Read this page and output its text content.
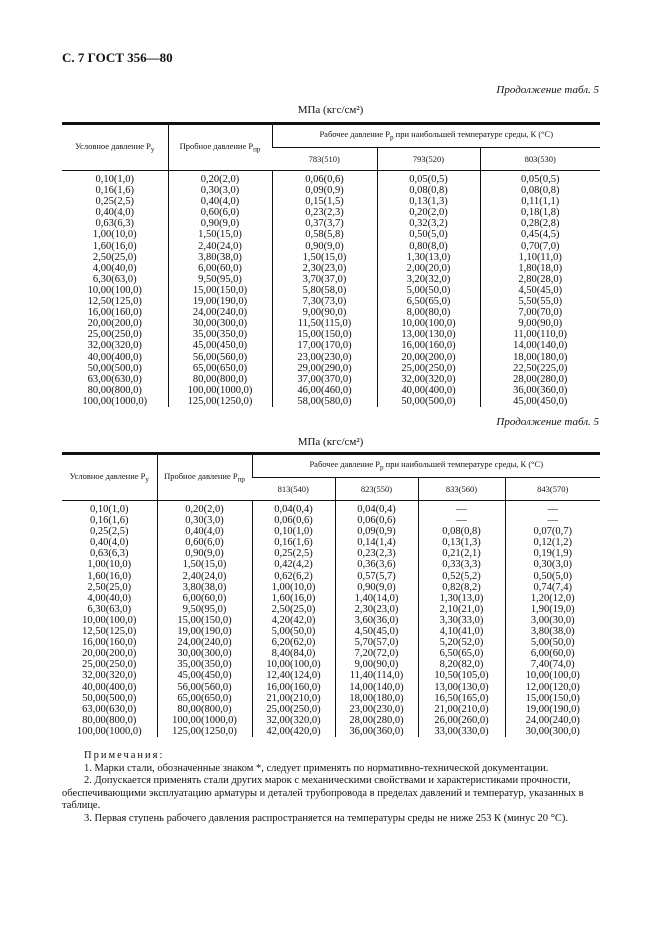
С. 7 ГОСТ 356—80
Продолжение табл. 5
МПа (кгс/см²)
Условное давление $P_у$	Пробное давление $P_{пр}$	Рабочее давление $P_р$ при наибольшей температуре среды, К (°С)		
		783(510)	793(520)	803(530)
0,10(1,0)	0,20(2,0)	0,06(0,6)	0,05(0,5)	0,05(0,5)
0,16(1,6)	0,30(3,0)	0,09(0,9)	0,08(0,8)	0,08(0,8)
0,25(2,5)	0,40(4,0)	0,15(1,5)	0,13(1,3)	0,11(1,1)
0,40(4,0)	0,60(6,0)	0,23(2,3)	0,20(2,0)	0,18(1,8)
0,63(6,3)	0,90(9,0)	0,37(3,7)	0,32(3,2)	0,28(2,8)
1,00(10,0)	1,50(15,0)	0,58(5,8)	0,50(5,0)	0,45(4,5)
1,60(16,0)	2,40(24,0)	0,90(9,0)	0,80(8,0)	0,70(7,0)
2,50(25,0)	3,80(38,0)	1,50(15,0)	1,30(13,0)	1,10(11,0)
4,00(40,0)	6,00(60,0)	2,30(23,0)	2,00(20,0)	1,80(18,0)
6,30(63,0)	9,50(95,0)	3,70(37,0)	3,20(32,0)	2,80(28,0)
10,00(100,0)	15,00(150,0)	5,80(58,0)	5,00(50,0)	4,50(45,0)
12,50(125,0)	19,00(190,0)	7,30(73,0)	6,50(65,0)	5,50(55,0)
16,00(160,0)	24,00(240,0)	9,00(90,0)	8,00(80,0)	7,00(70,0)
20,00(200,0)	30,00(300,0)	11,50(115,0)	10,00(100,0)	9,00(90,0)
25,00(250,0)	35,00(350,0)	15,00(150,0)	13,00(130,0)	11,00(110,0)
32,00(320,0)	45,00(450,0)	17,00(170,0)	16,00(160,0)	14,00(140,0)
40,00(400,0)	56,00(560,0)	23,00(230,0)	20,00(200,0)	18,00(180,0)
50,00(500,0)	65,00(650,0)	29,00(290,0)	25,00(250,0)	22,50(225,0)
63,00(630,0)	80,00(800,0)	37,00(370,0)	32,00(320,0)	28,00(280,0)
80,00(800,0)	100,00(1000,0)	46,00(460,0)	40,00(400,0)	36,00(360,0)
100,00(1000,0)	125,00(1250,0)	58,00(580,0)	50,00(500,0)	45,00(450,0)
Продолжение табл. 5
МПа (кгс/см²)
Условное давление $P_у$	Пробное давление $P_{пр}$	Рабочее давление $P_р$ при наибольшей температуре среды, К (°С)			
		813(540)	823(550)	833(560)	843(570)
0,10(1,0)	0,20(2,0)	0,04(0,4)	0,04(0,4)	—	—
0,16(1,6)	0,30(3,0)	0,06(0,6)	0,06(0,6)	—	—
0,25(2,5)	0,40(4,0)	0,10(1,0)	0,09(0,9)	0,08(0,8)	0,07(0,7)
0,40(4,0)	0,60(6,0)	0,16(1,6)	0,14(1,4)	0,13(1,3)	0,12(1,2)
0,63(6,3)	0,90(9,0)	0,25(2,5)	0,23(2,3)	0,21(2,1)	0,19(1,9)
1,00(10,0)	1,50(15,0)	0,42(4,2)	0,36(3,6)	0,33(3,3)	0,30(3,0)
1,60(16,0)	2,40(24,0)	0,62(6,2)	0,57(5,7)	0,52(5,2)	0,50(5,0)
2,50(25,0)	3,80(38,0)	1,00(10,0)	0,90(9,0)	0,82(8,2)	0,74(7,4)
4,00(40,0)	6,00(60,0)	1,60(16,0)	1,40(14,0)	1,30(13,0)	1,20(12,0)
6,30(63,0)	9,50(95,0)	2,50(25,0)	2,30(23,0)	2,10(21,0)	1,90(19,0)
10,00(100,0)	15,00(150,0)	4,20(42,0)	3,60(36,0)	3,30(33,0)	3,00(30,0)
12,50(125,0)	19,00(190,0)	5,00(50,0)	4,50(45,0)	4,10(41,0)	3,80(38,0)
16,00(160,0)	24,00(240,0)	6,20(62,0)	5,70(57,0)	5,20(52,0)	5,00(50,0)
20,00(200,0)	30,00(300,0)	8,40(84,0)	7,20(72,0)	6,50(65,0)	6,00(60,0)
25,00(250,0)	35,00(350,0)	10,00(100,0)	9,00(90,0)	8,20(82,0)	7,40(74,0)
32,00(320,0)	45,00(450,0)	12,40(124,0)	11,40(114,0)	10,50(105,0)	10,00(100,0)
40,00(400,0)	56,00(560,0)	16,00(160,0)	14,00(140,0)	13,00(130,0)	12,00(120,0)
50,00(500,0)	65,00(650,0)	21,00(210,0)	18,00(180,0)	16,50(165,0)	15,00(150,0)
63,00(630,0)	80,00(800,0)	25,00(250,0)	23,00(230,0)	21,00(210,0)	19,00(190,0)
80,00(800,0)	100,00(1000,0)	32,00(320,0)	28,00(280,0)	26,00(260,0)	24,00(240,0)
100,00(1000,0)	125,00(1250,0)	42,00(420,0)	36,00(360,0)	33,00(330,0)	30,00(300,0)

Примечания:

1. Марки стали, обозначенные знаком *, следует применять по нормативно-технической документации.

2. Допускается применять стали других марок с механическими свойствами и характеристиками прочности, обеспечивающими эксплуатацию арматуры и деталей трубопровода в пределах давлений и температур, указанных в таблице.

3. Первая ступень рабочего давления распространяется на температуры среды не ниже 253 К (минус 20 °С).
